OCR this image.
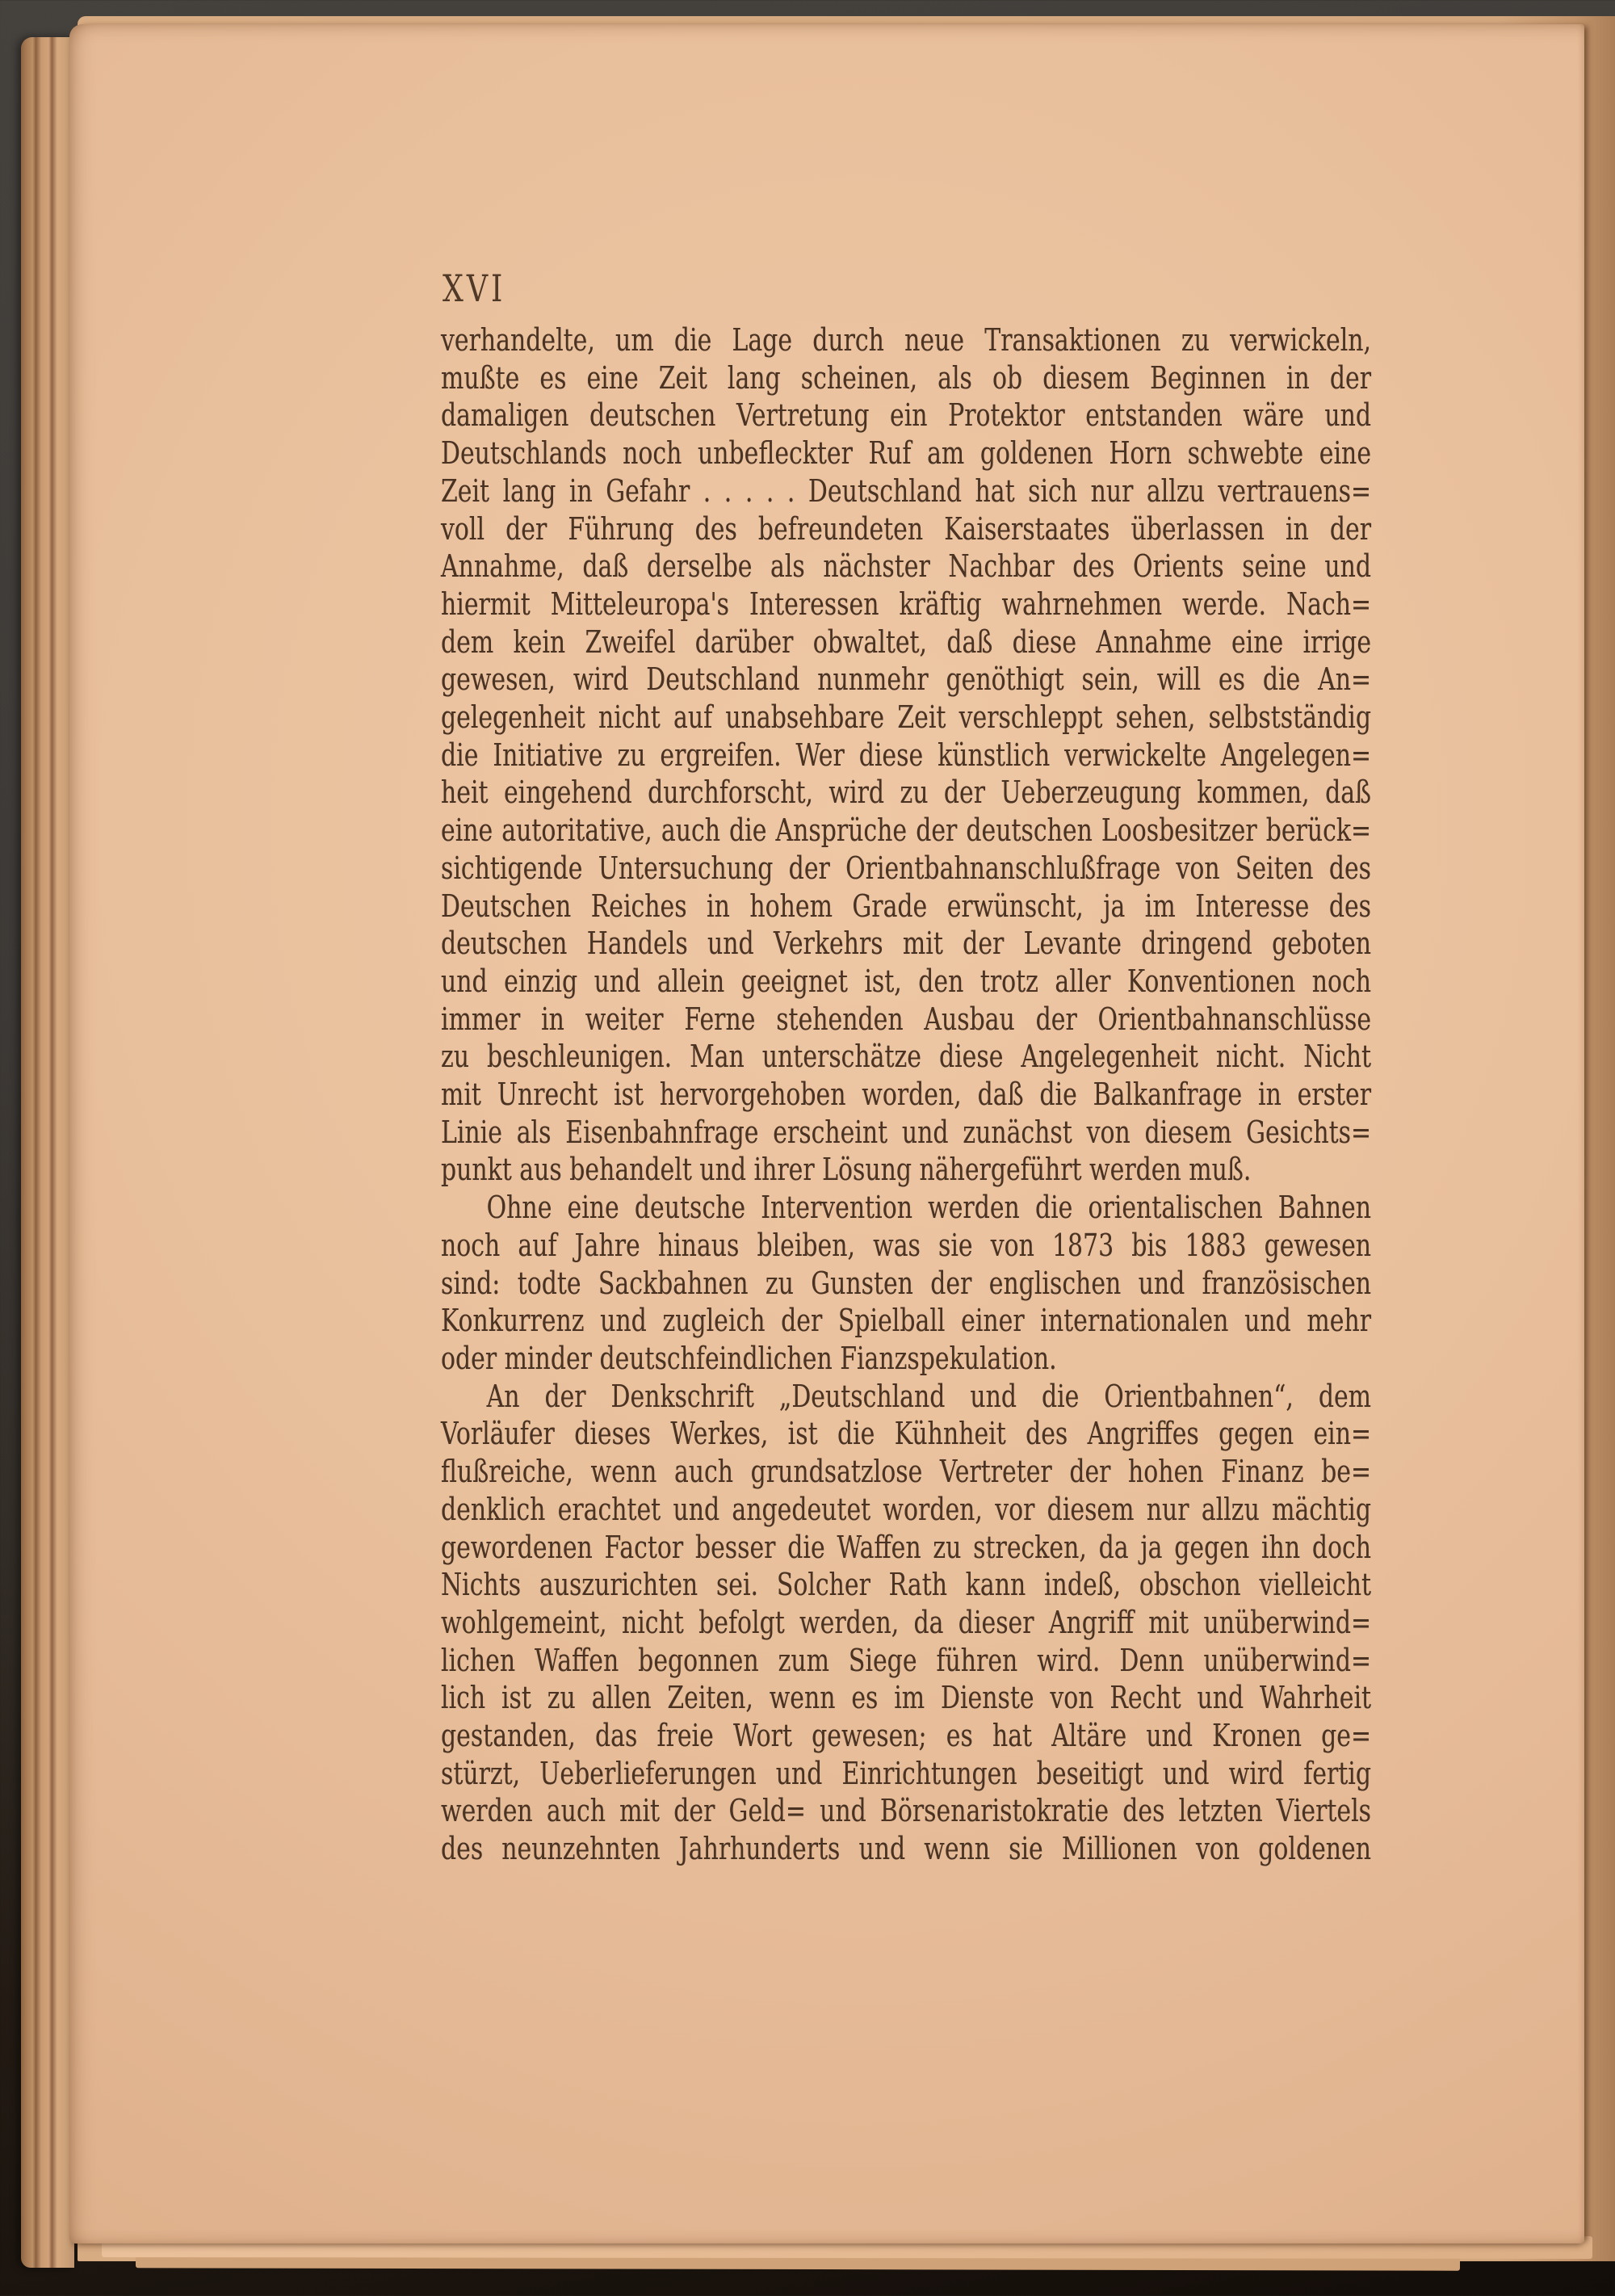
XVI
verhandelte, um die Lage durch neue Transaktionen zu verwickeln,
mußte es eine Zeit lang scheinen, als ob diesem Beginnen in der
damaligen deutschen Vertretung ein Protektor entstanden wäre und
Deutschlands noch unbefleckter Ruf am goldenen Horn schwebte eine
Zeit lang in Gefahr . . . . . Deutschland hat sich nur allzu vertrauens=
voll der Führung des befreundeten Kaiserstaates überlassen in der
Annahme, daß derselbe als nächster Nachbar des Orients seine und
hiermit Mitteleuropa's Interessen kräftig wahrnehmen werde. Nach=
dem kein Zweifel darüber obwaltet, daß diese Annahme eine irrige
gewesen, wird Deutschland nunmehr genöthigt sein, will es die An=
gelegenheit nicht auf unabsehbare Zeit verschleppt sehen, selbstständig
die Initiative zu ergreifen. Wer diese künstlich verwickelte Angelegen=
heit eingehend durchforscht, wird zu der Ueberzeugung kommen, daß
eine autoritative, auch die Ansprüche der deutschen Loosbesitzer berück=
sichtigende Untersuchung der Orientbahnanschlußfrage von Seiten des
Deutschen Reiches in hohem Grade erwünscht, ja im Interesse des
deutschen Handels und Verkehrs mit der Levante dringend geboten
und einzig und allein geeignet ist, den trotz aller Konventionen noch
immer in weiter Ferne stehenden Ausbau der Orientbahnanschlüsse
zu beschleunigen. Man unterschätze diese Angelegenheit nicht. Nicht
mit Unrecht ist hervorgehoben worden, daß die Balkanfrage in erster
Linie als Eisenbahnfrage erscheint und zunächst von diesem Gesichts=
punkt aus behandelt und ihrer Lösung nähergeführt werden muß.
Ohne eine deutsche Intervention werden die orientalischen Bahnen
noch auf Jahre hinaus bleiben, was sie von 1873 bis 1883 gewesen
sind: todte Sackbahnen zu Gunsten der englischen und französischen
Konkurrenz und zugleich der Spielball einer internationalen und mehr
oder minder deutschfeindlichen Fianzspekulation.
An der Denkschrift „Deutschland und die Orientbahnen“, dem
Vorläufer dieses Werkes, ist die Kühnheit des Angriffes gegen ein=
flußreiche, wenn auch grundsatzlose Vertreter der hohen Finanz be=
denklich erachtet und angedeutet worden, vor diesem nur allzu mächtig
gewordenen Factor besser die Waffen zu strecken, da ja gegen ihn doch
Nichts auszurichten sei. Solcher Rath kann indeß, obschon vielleicht
wohlgemeint, nicht befolgt werden, da dieser Angriff mit unüberwind=
lichen Waffen begonnen zum Siege führen wird. Denn unüberwind=
lich ist zu allen Zeiten, wenn es im Dienste von Recht und Wahrheit
gestanden, das freie Wort gewesen; es hat Altäre und Kronen ge=
stürzt, Ueberlieferungen und Einrichtungen beseitigt und wird fertig
werden auch mit der Geld= und Börsenaristokratie des letzten Viertels
des neunzehnten Jahrhunderts und wenn sie Millionen von goldenen
